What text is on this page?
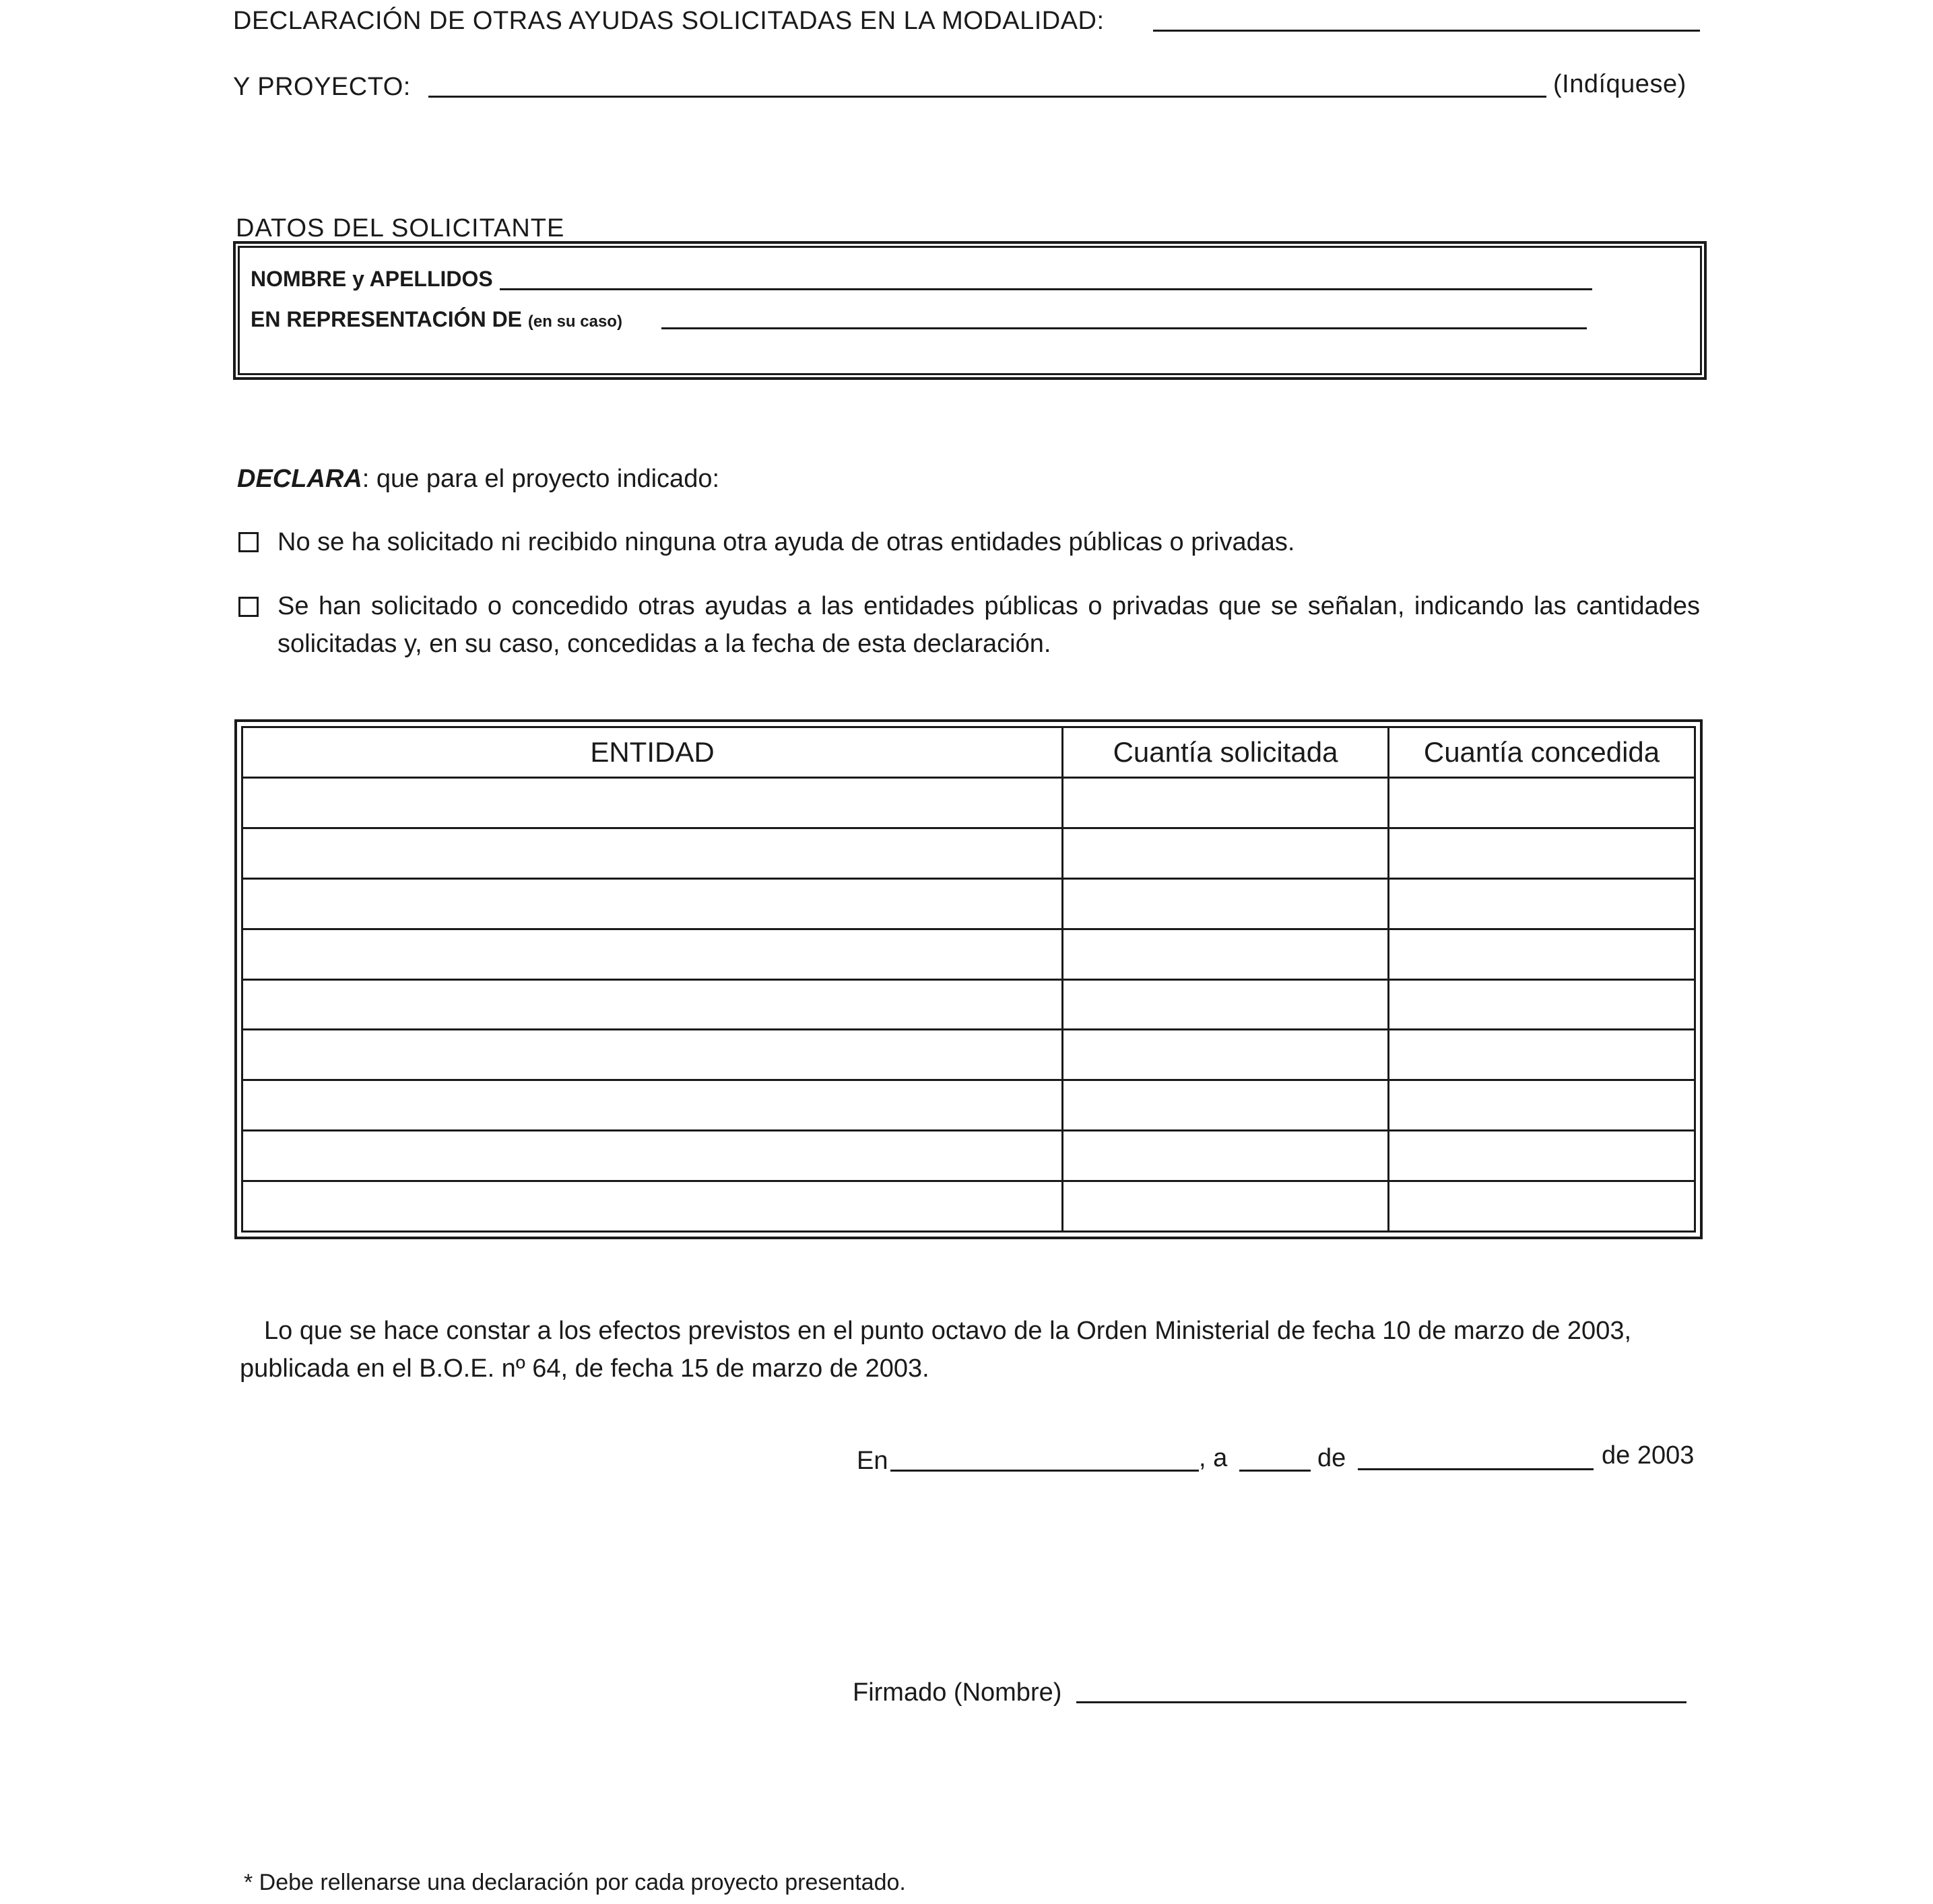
DECLARACIÓN DE OTRAS AYUDAS SOLICITADAS EN LA MODALIDAD:
Y PROYECTO:	(Indíquese)
DATOS DEL SOLICITANTE
NOMBRE y APELLIDOS
EN REPRESENTACIÓN DE (en su caso)
DECLARA: que para el proyecto indicado:
No se ha solicitado ni recibido ninguna otra ayuda de otras entidades públicas o privadas.
Se han solicitado o concedido otras ayudas a las entidades públicas o privadas que se señalan, indicando las cantidades solicitadas y, en su caso, concedidas a la fecha de esta declaración.
ENTIDAD	Cuantía solicitada	Cuantía concedida

Lo que se hace constar a los efectos previstos en el punto octavo de la Orden Ministerial de fecha 10 de marzo de 2003, publicada en el B.O.E. nº 64, de fecha 15 de marzo de 2003.
En	, a	de	de 2003
Firmado (Nombre)
* Debe rellenarse una declaración por cada proyecto presentado.
